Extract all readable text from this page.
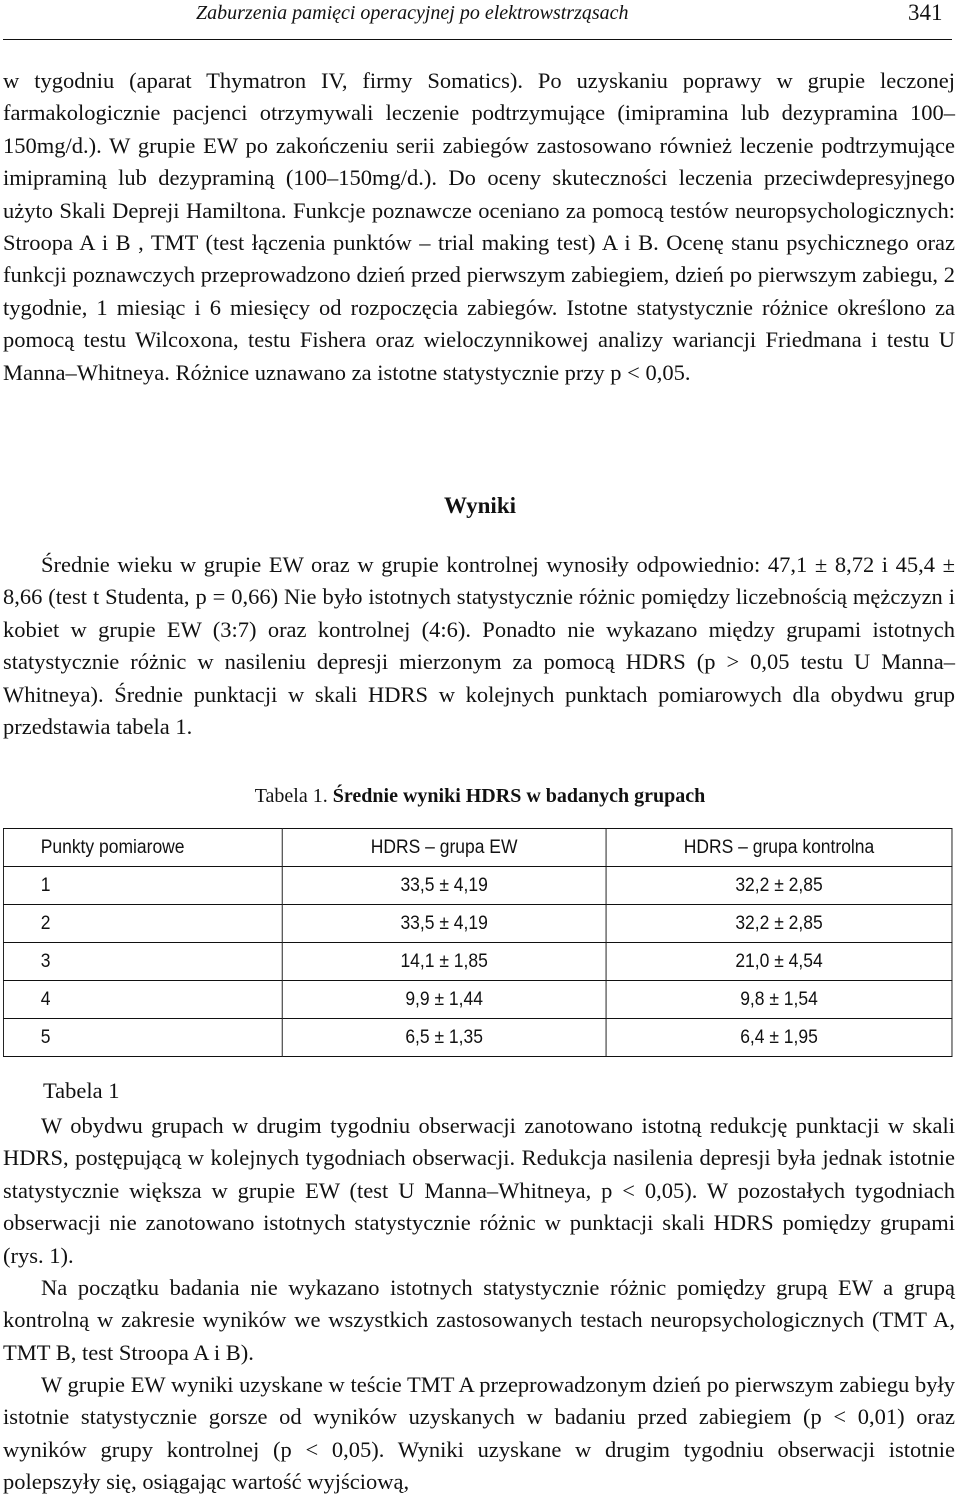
Zaburzenia pamięci operacyjnej po elektrowstrząsach	341

w tygodniu (aparat Thymatron IV, firmy Somatics). Po uzyskaniu poprawy w grupie leczonej farmakologicznie pacjenci otrzymywali leczenie podtrzymujące (imipramina lub dezypramina 100–150mg/d.). W grupie EW po zakończeniu serii zabiegów zastosowano również leczenie podtrzymujące imipraminą lub dezypraminą (100–150mg/d.). Do oceny skuteczności leczenia przeciwdepresyjnego użyto Skali Depreji Hamiltona. Funkcje poznawcze oceniano za pomocą testów neuropsychologicznych: Stroopa A i B , TMT (test łączenia punktów – trial making test) A i B. Ocenę stanu psychicznego oraz funkcji poznawczych przeprowadzono dzień przed pierwszym zabiegiem, dzień po pierwszym zabiegu, 2 tygodnie, 1 miesiąc i 6 miesięcy od rozpoczęcia zabiegów. Istotne statystycznie różnice określono za pomocą testu Wilcoxona, testu Fishera oraz wieloczynnikowej analizy wariancji Friedmana i testu U Manna–Whitneya. Różnice uznawano za istotne statystycznie przy p < 0,05.

Wyniki

Średnie wieku w grupie EW oraz w grupie kontrolnej wynosiły odpowiednio: 47,1 ± 8,72 i 45,4 ± 8,66 (test t Studenta, p = 0,66) Nie było istotnych statystycznie różnic pomiędzy liczebnością mężczyzn i kobiet w grupie EW (3:7) oraz kontrolnej (4:6). Ponadto nie wykazano między grupami istotnych statystycznie różnic w nasileniu depresji mierzonym za pomocą HDRS (p > 0,05 testu U Manna–Whitneya). Średnie punktacji w skali HDRS w kolejnych punktach pomiarowych dla obydwu grup przedstawia tabela 1.

Tabela 1. Średnie wyniki HDRS w badanych grupach
Punkty pomiarowe	HDRS – grupa EW	HDRS – grupa kontrolna
1	33,5 ± 4,19	32,2 ± 2,85
2	33,5 ± 4,19	32,2 ± 2,85
3	14,1 ± 1,85	21,0 ± 4,54
4	9,9 ± 1,44	9,8 ± 1,54
5	6,5 ± 1,35	6,4 ± 1,95
Tabela 1

W obydwu grupach w drugim tygodniu obserwacji zanotowano istotną redukcję punktacji w skali HDRS, postępującą w kolejnych tygodniach obserwacji. Redukcja nasilenia depresji była jednak istotnie statystycznie większa w grupie EW (test U Manna–Whitneya, p < 0,05). W pozostałych tygodniach obserwacji nie zanotowano istotnych statystycznie różnic w punktacji skali HDRS pomiędzy grupami (rys. 1).

Na początku badania nie wykazano istotnych statystycznie różnic pomiędzy grupą EW a grupą kontrolną w zakresie wyników we wszystkich zastosowanych testach neuropsychologicznych (TMT A, TMT B, test Stroopa A i B).

W grupie EW wyniki uzyskane w teście TMT A przeprowadzonym dzień po pierwszym zabiegu były istotnie statystycznie gorsze od wyników uzyskanych w badaniu przed zabiegiem (p < 0,01) oraz wyników grupy kontrolnej (p < 0,05). Wyniki uzyskane w drugim tygodniu obserwacji istotnie polepszyły się, osiągając wartość wyjściową,
